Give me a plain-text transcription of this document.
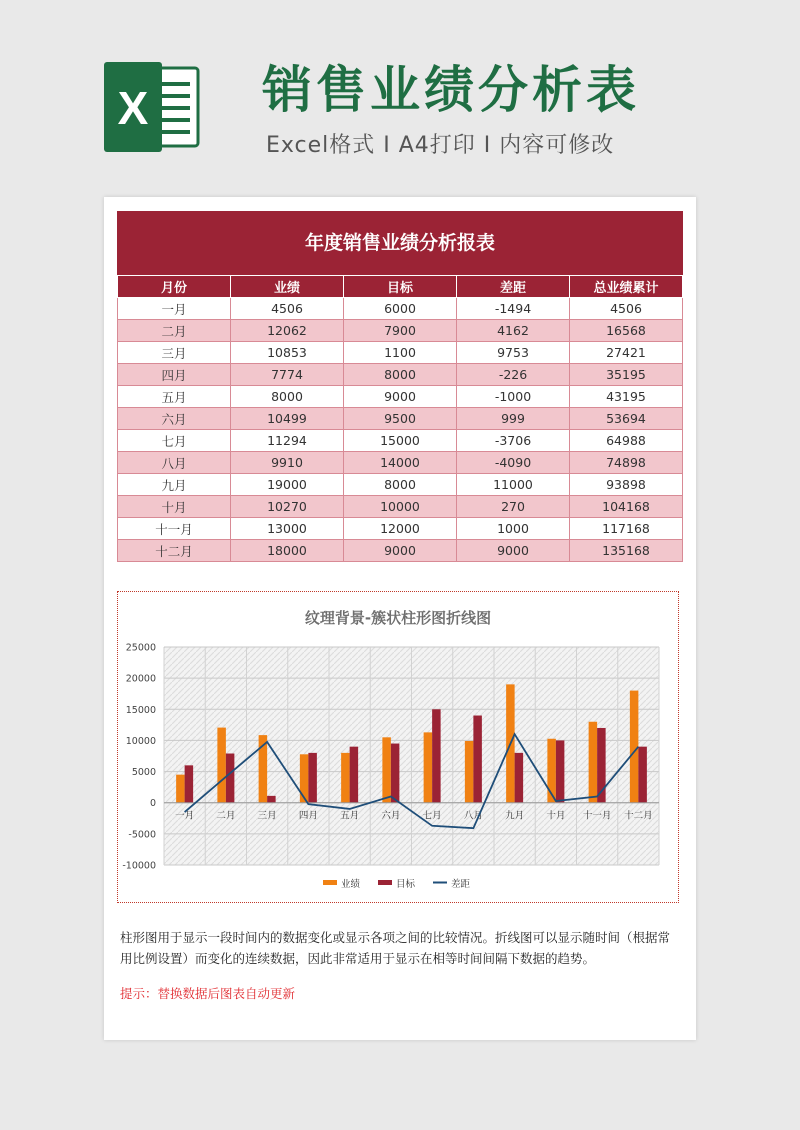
X 销售业绩分析表
Excel格式 I A4打印 I 内容可修改
年度销售业绩分析报表
月份	业绩	目标	差距	总业绩累计
一月	4506	6000	-1494	4506
二月	12062	7900	4162	16568
三月	10853	1100	9753	27421
四月	7774	8000	-226	35195
五月	8000	9000	-1000	43195
六月	10499	9500	999	53694
七月	11294	15000	-3706	64988
八月	9910	14000	-4090	74898
九月	19000	8000	11000	93898
十月	10270	10000	270	104168
十一月	13000	12000	1000	117168
十二月	18000	9000	9000	135168
纹理背景-簇状柱形图折线图
25000
20000
15000
10000
5000
0
-5000
-10000
一月 二月 三月 四月 五月 六月 七月 八月 九月 十月 十一月 十二月
业绩	目标	差距
柱形图用于显示一段时间内的数据变化或显示各项之间的比较情况。折线图可以显示随时间（根据常用比例设置）而变化的连续数据，因此非常适用于显示在相等时间间隔下数据的趋势。
提示：替换数据后图表自动更新
